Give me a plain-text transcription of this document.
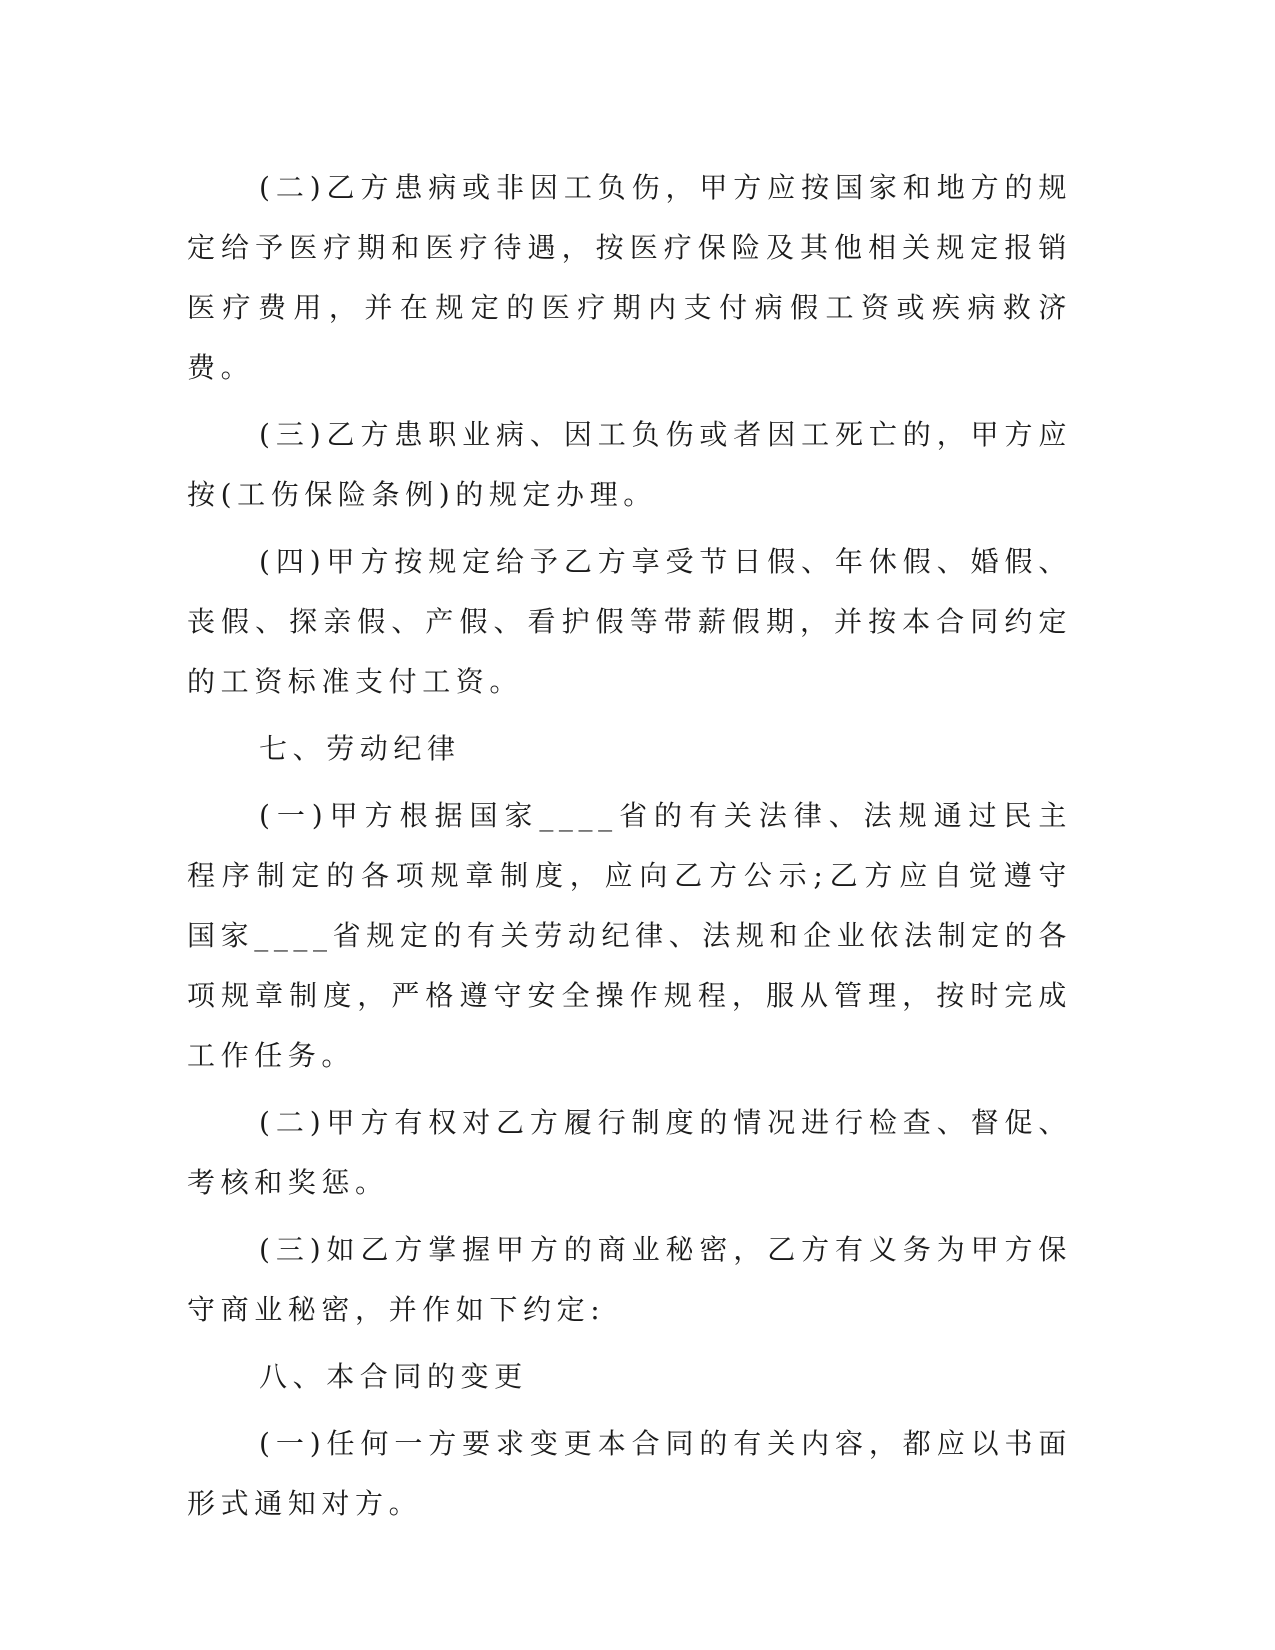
(二)乙方患病或非因工负伤，甲方应按国家和地方的规定给予医疗期和医疗待遇，按医疗保险及其他相关规定报销医疗费用，并在规定的医疗期内支付病假工资或疾病救济费。

(三)乙方患职业病、因工负伤或者因工死亡的，甲方应按(工伤保险条例)的规定办理。

(四)甲方按规定给予乙方享受节日假、年休假、婚假、丧假、探亲假、产假、看护假等带薪假期，并按本合同约定的工资标准支付工资。

七、劳动纪律

(一)甲方根据国家____省的有关法律、法规通过民主程序制定的各项规章制度，应向乙方公示;乙方应自觉遵守国家____省规定的有关劳动纪律、法规和企业依法制定的各项规章制度，严格遵守安全操作规程，服从管理，按时完成工作任务。

(二)甲方有权对乙方履行制度的情况进行检查、督促、考核和奖惩。

(三)如乙方掌握甲方的商业秘密，乙方有义务为甲方保守商业秘密，并作如下约定:

八、本合同的变更

(一)任何一方要求变更本合同的有关内容，都应以书面形式通知对方。
